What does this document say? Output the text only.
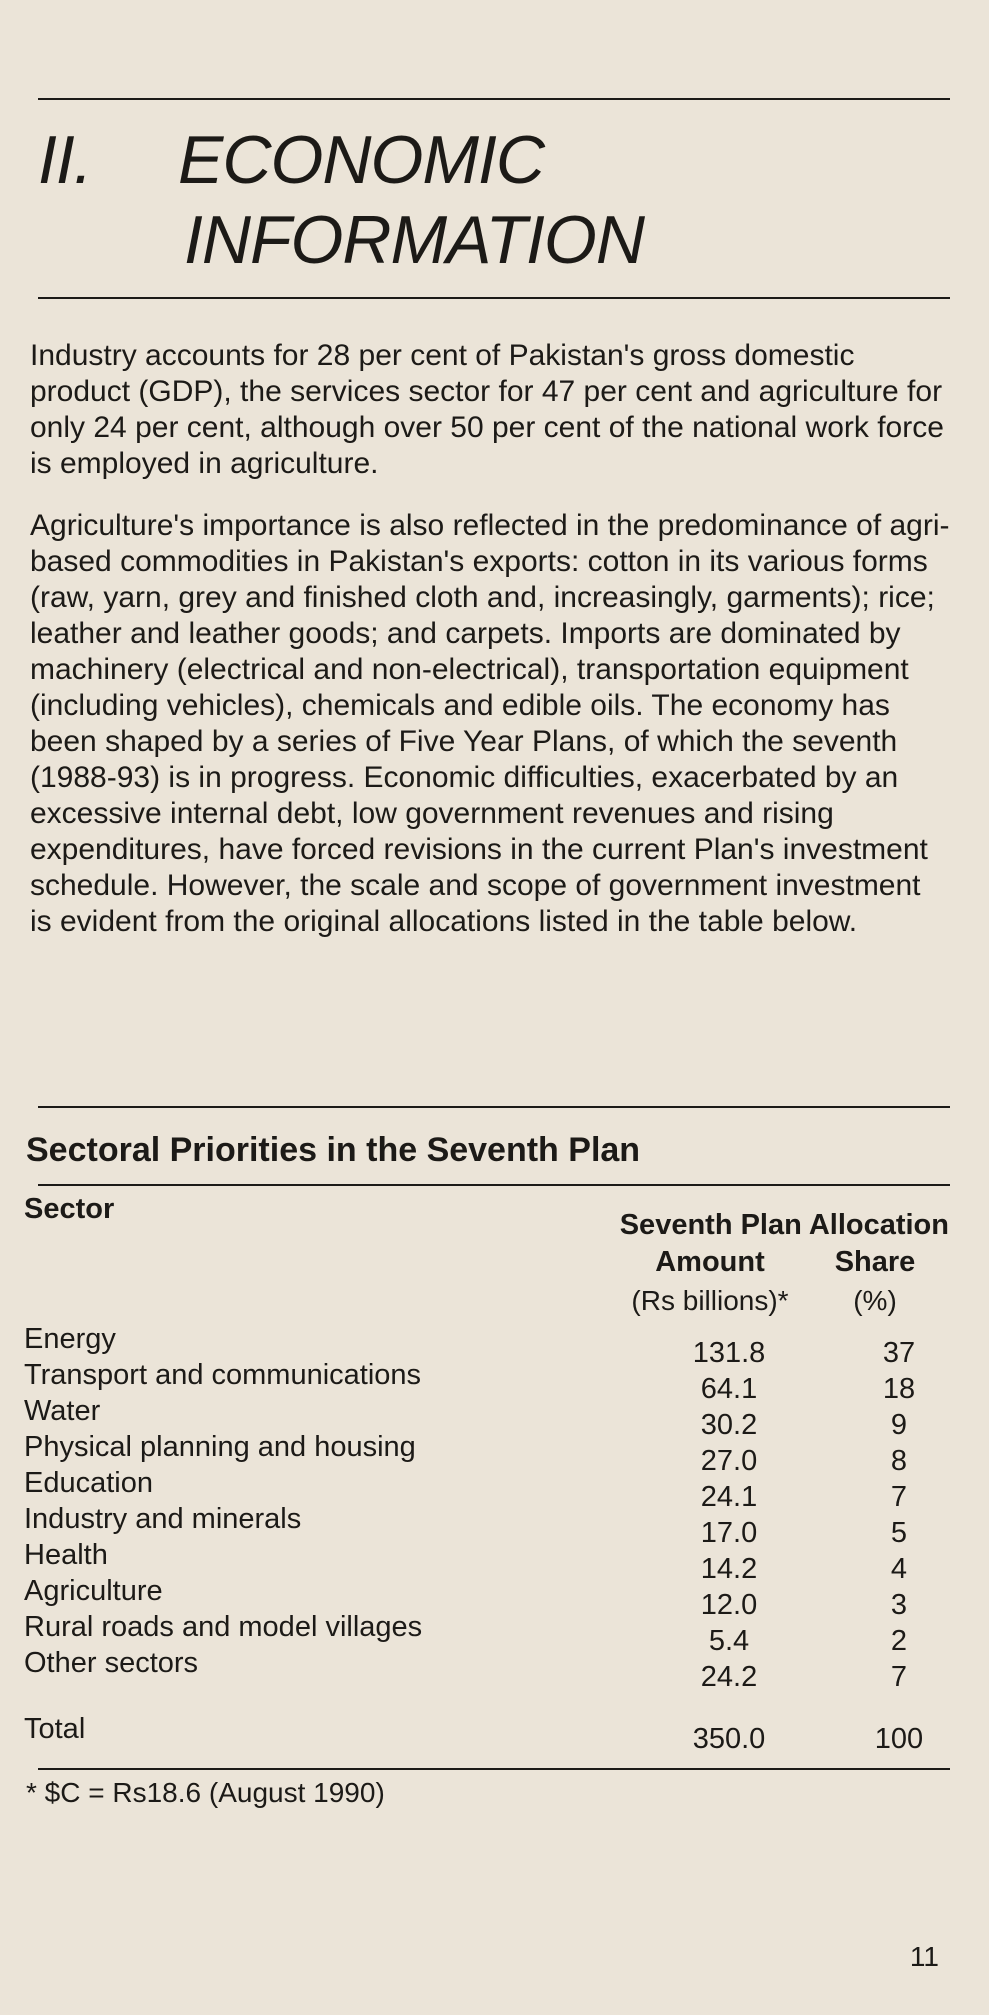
II. ECONOMIC
INFORMATION

Industry accounts for 28 per cent of Pakistan's gross domestic product (GDP), the services sector for 47 per cent and agriculture for only 24 per cent, although over 50 per cent of the national work force is employed in agriculture.

Agriculture's importance is also reflected in the predominance of agri-based commodities in Pakistan's exports: cotton in its various forms (raw, yarn, grey and finished cloth and, increasingly, garments); rice; leather and leather goods; and carpets. Imports are dominated by machinery (electrical and non-electrical), transportation equipment (including vehicles), chemicals and edible oils. The economy has been shaped by a series of Five Year Plans, of which the seventh (1988-93) is in progress. Economic difficulties, exacerbated by an excessive internal debt, low government revenues and rising expenditures, have forced revisions in the current Plan's investment schedule. However, the scale and scope of government investment is evident from the original allocations listed in the table below.

Sectoral Priorities in the Seventh Plan
Sector	Seventh Plan Allocation
Amount	Share
(Rs billions)*	(%)
Energy	131.8	37
Transport and communications	64.1	18
Water	30.2	9
Physical planning and housing	27.0	8
Education	24.1	7
Industry and minerals	17.0	5
Health	14.2	4
Agriculture	12.0	3
Rural roads and model villages	5.4	2
Other sectors	24.2	7
Total	350.0	100
* $C = Rs18.6 (August 1990)
11
